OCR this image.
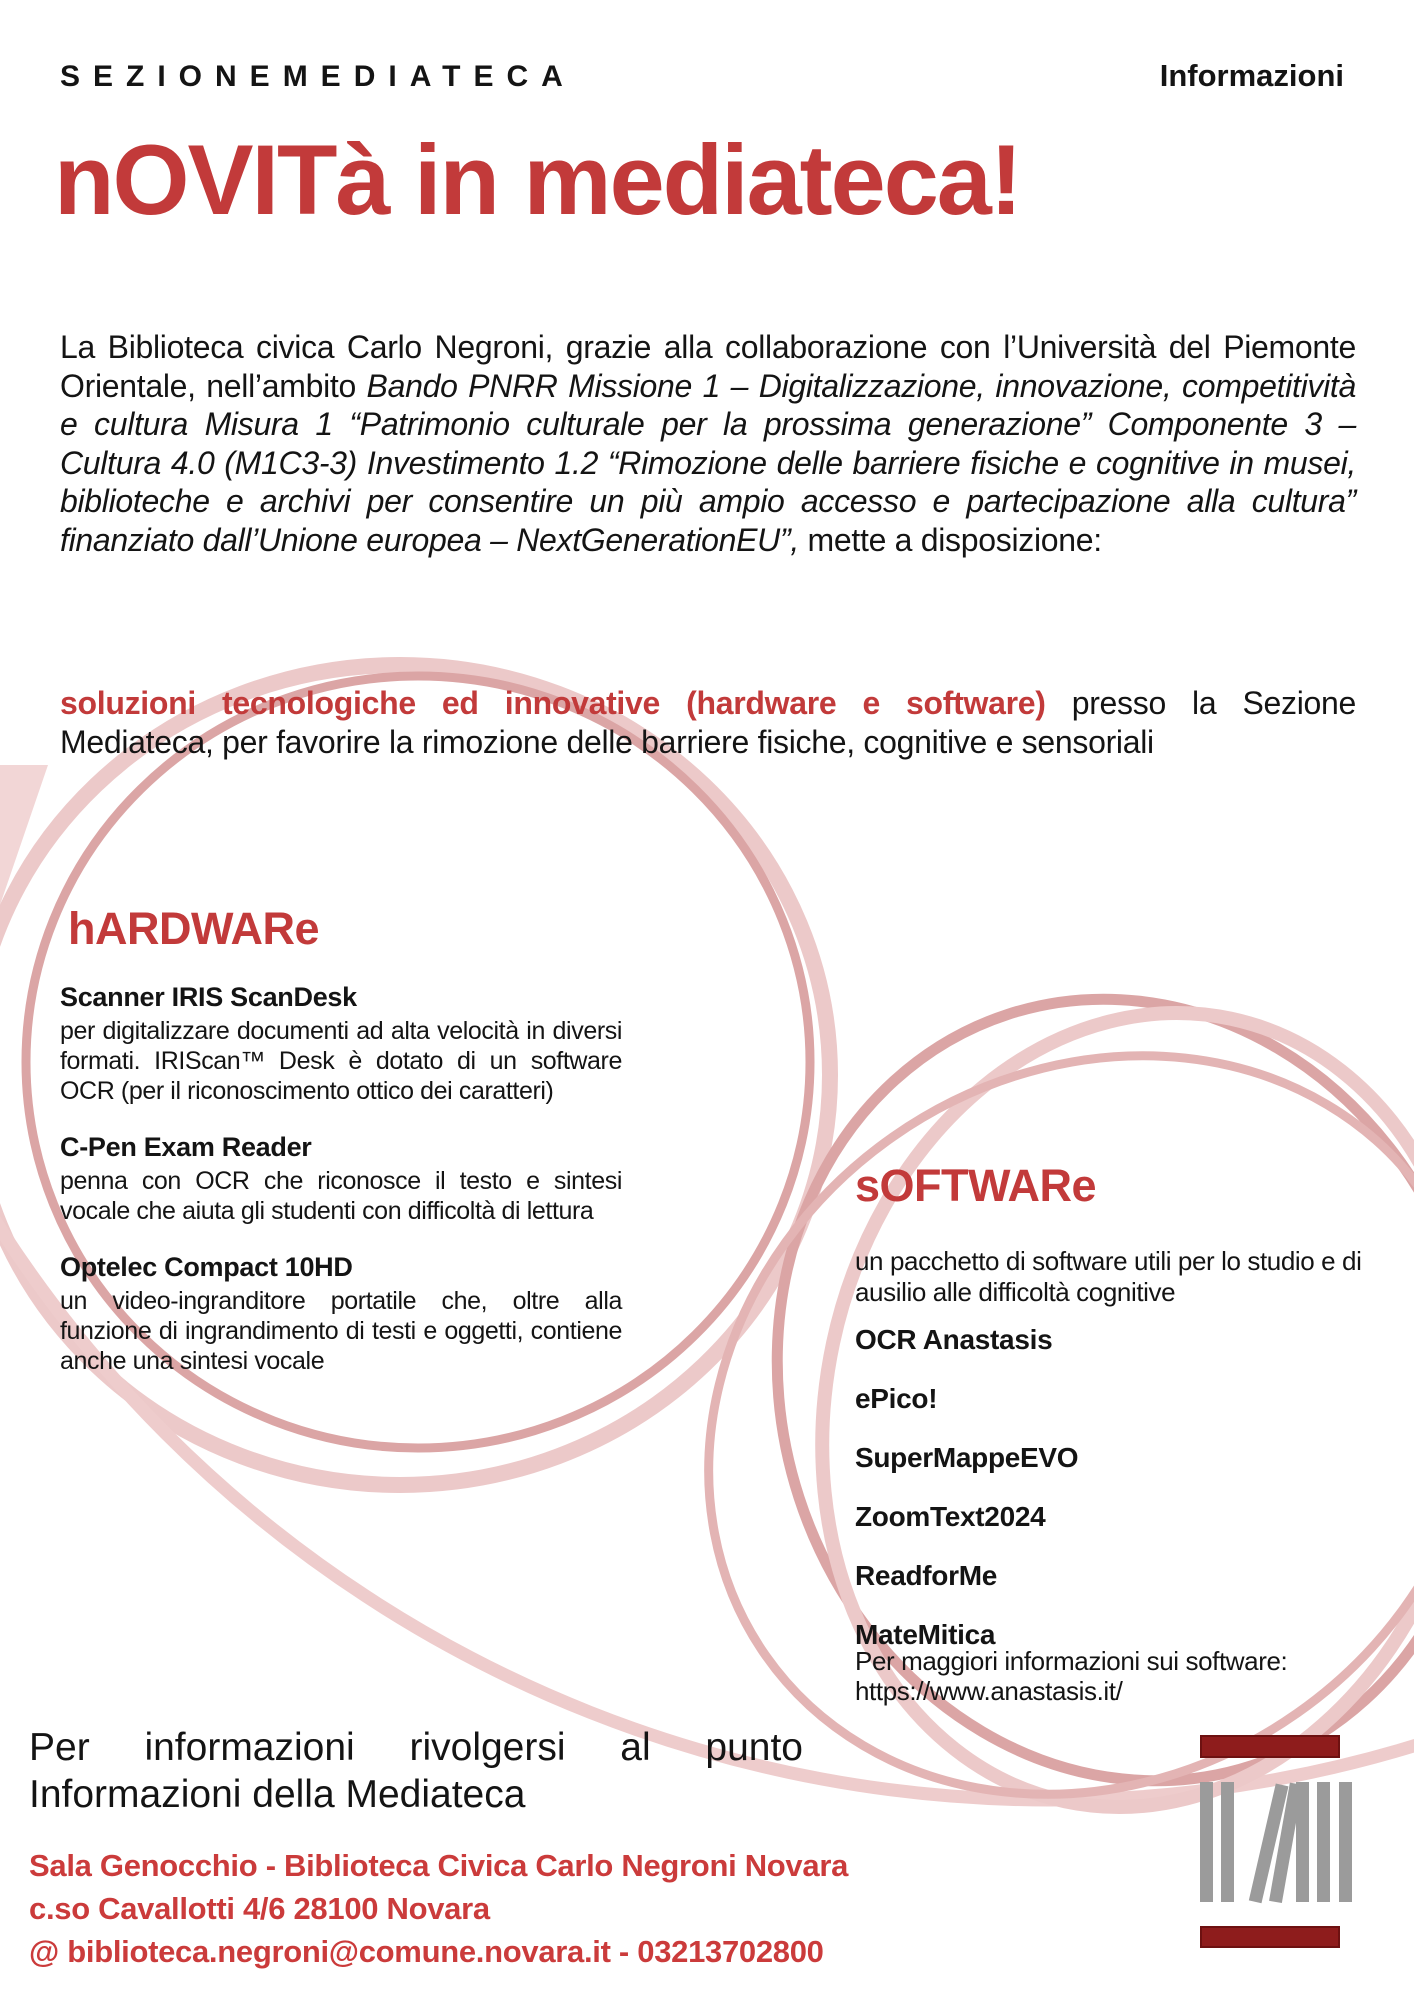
SEZIONEMEDIATECA	Informazioni
nOVITà in mediateca!
La Biblioteca civica Carlo Negroni, grazie alla collaborazione con l’Università del Piemonte Orientale, nell’ambito Bando PNRR Missione 1 – Digitalizzazione, innovazione, competitività e cultura Misura 1 “Patrimonio culturale per la prossima generazione” Componente 3 – Cultura 4.0 (M1C3-3) Investimento 1.2 “Rimozione delle barriere fisiche e cognitive in musei, biblioteche e archivi per consentire un più ampio accesso e partecipazione alla cultura” finanziato dall’Unione europea – NextGenerationEU”, mette a disposizione:
soluzioni tecnologiche ed innovative (hardware e software) presso la Sezione Mediateca, per favorire la rimozione delle barriere fisiche, cognitive e sensoriali
hARDWARe
Scanner IRIS ScanDesk
per digitalizzare documenti ad alta velocità in diversi formati. IRIScan™ Desk è dotato di un software OCR (per il riconoscimento ottico dei caratteri)
C-Pen Exam Reader
penna con OCR che riconosce il testo e sintesi vocale che aiuta gli studenti con difficoltà di lettura
Optelec Compact 10HD
un video-ingranditore portatile che, oltre alla funzione di ingrandimento di testi e oggetti, contiene anche una sintesi vocale
sOFTWARe
un pacchetto di software utili per lo studio e di ausilio alle difficoltà cognitive
OCR Anastasis
ePico!
SuperMappeEVO
ZoomText2024
ReadforMe
MateMitica
Per maggiori informazioni sui software:
https://www.anastasis.it/
Per informazioni rivolgersi al punto Informazioni della Mediateca
Sala Genocchio - Biblioteca Civica Carlo Negroni Novara
c.so Cavallotti 4/6 28100 Novara
@ biblioteca.negroni@comune.novara.it - 03213702800
